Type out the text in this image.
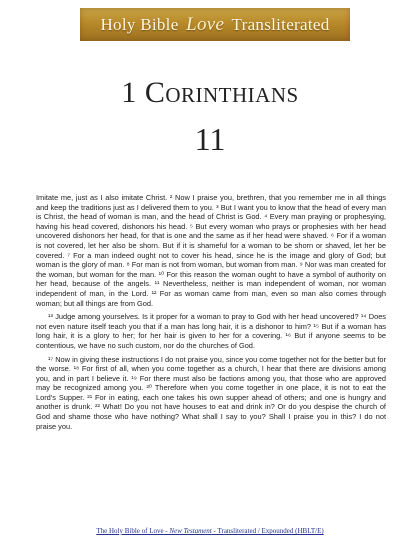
Holy Bible Love Transliterated
1 Corinthians
11

Imitate me, just as I also imitate Christ. ² Now I praise you, brethren, that you remember me in all things and keep the traditions just as I delivered them to you. ³ But I want you to know that the head of every man is Christ, the head of woman is man, and the head of Christ is God. ⁴ Every man praying or prophesying, having his head covered, dishonors his head. ⁵ But every woman who prays or prophesies with her head uncovered dishonors her head, for that is one and the same as if her head were shaved. ⁶ For if a woman is not covered, let her also be shorn. But if it is shameful for a woman to be shorn or shaved, let her be covered. ⁷ For a man indeed ought not to cover his head, since he is the image and glory of God; but woman is the glory of man. ⁸ For man is not from woman, but woman from man. ⁹ Nor was man created for the woman, but woman for the man. ¹⁰ For this reason the woman ought to have a symbol of authority on her head, because of the angels. ¹¹ Nevertheless, neither is man independent of woman, nor woman independent of man, in the Lord. ¹² For as woman came from man, even so man also comes through woman; but all things are from God.

¹³ Judge among yourselves. Is it proper for a woman to pray to God with her head uncovered? ¹⁴ Does not even nature itself teach you that if a man has long hair, it is a dishonor to him? ¹⁵ But if a woman has long hair, it is a glory to her; for her hair is given to her for a covering. ¹⁶ But if anyone seems to be contentious, we have no such custom, nor do the churches of God.

¹⁷ Now in giving these instructions I do not praise you, since you come together not for the better but for the worse. ¹⁸ For first of all, when you come together as a church, I hear that there are divisions among you, and in part I believe it. ¹⁹ For there must also be factions among you, that those who are approved may be recognized among you. ²⁰ Therefore when you come together in one place, it is not to eat the Lord’s Supper. ²¹ For in eating, each one takes his own supper ahead of others; and one is hungry and another is drunk. ²² What! Do you not have houses to eat and drink in? Or do you despise the church of God and shame those who have nothing? What shall I say to you? Shall I praise you in this? I do not praise you.

The Holy Bible of Love - New Testament - Transliterated / Expounded (HBLT/E)
